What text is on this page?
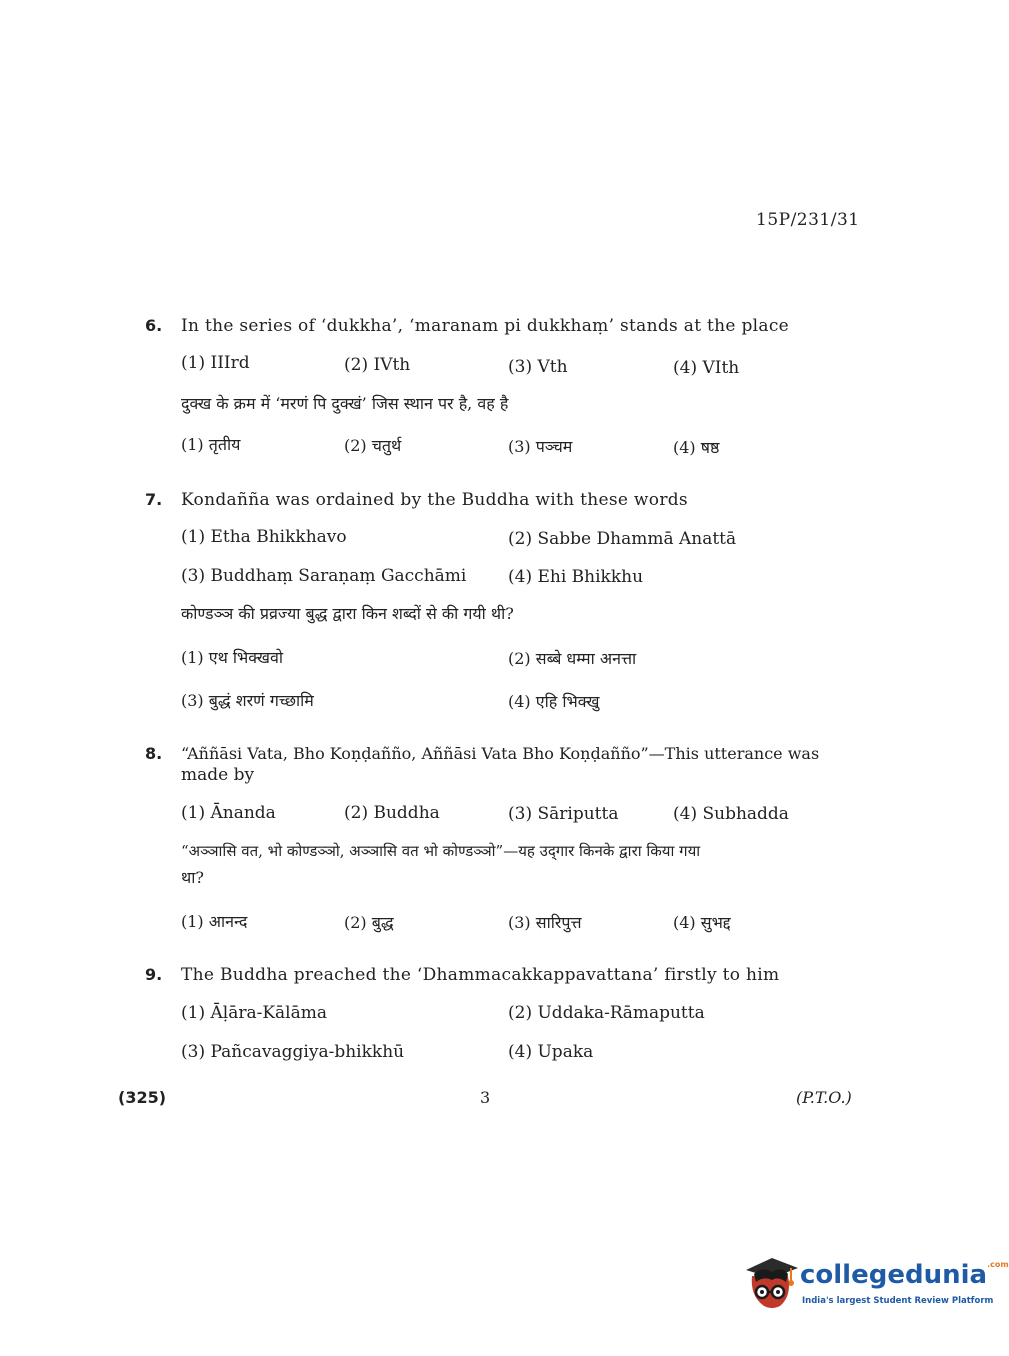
15P/231/31
6. In the series of ‘dukkha’, ‘maranam pi dukkhaṃ’ stands at the place
(1) IIIrd	(2) IVth	(3) Vth	(4) VIth
दुक्ख के क्रम में ‘मरणं पि दुक्खं’ जिस स्थान पर है, वह है
(1) तृतीय	(2) चतुर्थ	(3) पञ्चम	(4) षष्ठ
7. Kondañña was ordained by the Buddha with these words
(1) Etha Bhikkhavo	(2) Sabbe Dhammā Anattā
(3) Buddhaṃ Saraṇaṃ Gacchāmi (4) Ehi Bhikkhu
कोण्डञ्ञ की प्रव्रज्या बुद्ध द्वारा किन शब्दों से की गयी थी?
(1) एथ भिक्खवो	(2) सब्बे धम्मा अनत्ता
(3) बुद्धं शरणं गच्छामि	(4) एहि भिक्खु
8. “Aññāsi Vata, Bho Koṇḍañño, Aññāsi Vata Bho Koṇḍañño”—This utterance was
made by
(1) Ānanda	(2) Buddha	(3) Sāriputta	(4) Subhadda
“अञ्ञासि वत, भो कोण्डञ्ञो, अञ्ञासि वत भो कोण्डञ्ञो”—यह उद्‌गार किनके द्वारा किया गया
था?
(1) आनन्द	(2) बुद्ध	(3) सारिपुत्त	(4) सुभद्द
9. The Buddha preached the ‘Dhammacakkappavattana’ firstly to him
(1) Āḷāra-Kālāma	(2) Uddaka-Rāmaputta
(3) Pañcavaggiya-bhikkhū	(4) Upaka
(325)	3	(P.T.O.)
collegedunia$^{.com}$
India's largest Student Review Platform
